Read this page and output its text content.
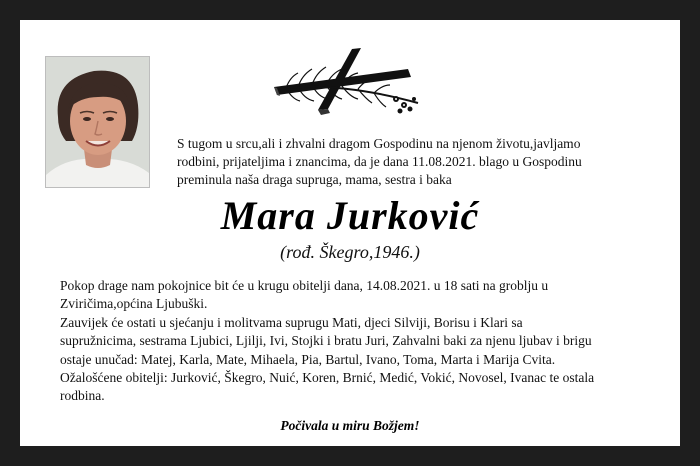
S tugom u srcu,ali i zhvalni dragom Gospodinu na njenom životu,javljamo
rodbini, prijateljima i znancima, da je dana 11.08.2021. blago u Gospodinu
preminula naša draga supruga, mama, sestra i baka
Mara Jurković
(rođ. Škegro,1946.)
Pokop drage nam pokojnice bit će u krugu obitelji dana, 14.08.2021. u 18 sati na groblju u
Zviričima,općina Ljubuški.
Zauvijek će ostati u sjećanju i molitvama suprugu Mati, djeci Silviji, Borisu i Klari sa
supružnicima, sestrama Ljubici, Ljilji, Ivi, Stojki i bratu Juri, Zahvalni baki za njenu ljubav i brigu
ostaje unučad: Matej, Karla, Mate, Mihaela, Pia, Bartul, Ivano, Toma, Marta i Marija Cvita.
Ožalošćene obitelji: Jurković, Škegro, Nuić, Koren, Brnić, Medić, Vokić, Novosel, Ivanac te ostala
rodbina.
Počivala u miru Božjem!
